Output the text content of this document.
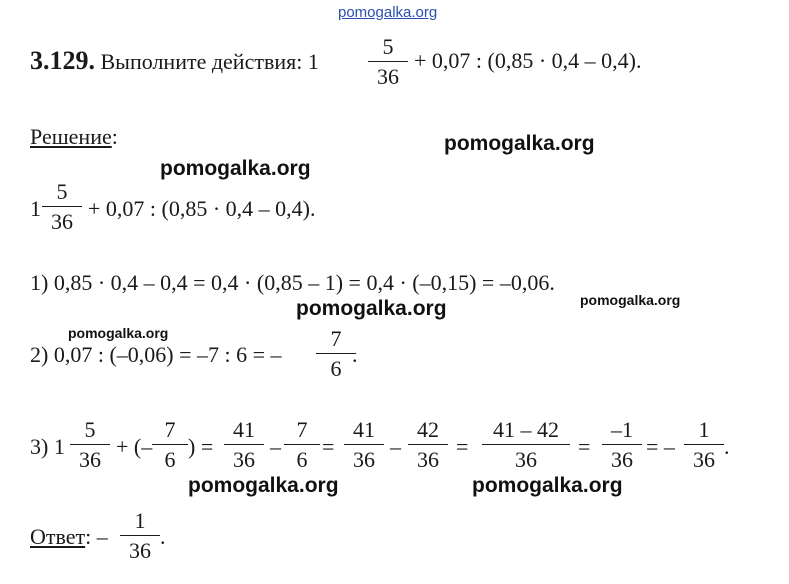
pomogalka.org
3.129. Выполните действия: 1
5
36
+ 0,07 : (0,85 · 0,4 – 0,4).
Решение:	pomogalka.org
pomogalka.org
1
5
36
+ 0,07 : (0,85 · 0,4 – 0,4).
1) 0,85 · 0,4 – 0,4 = 0,4 · (0,85 – 1) = 0,4 · (–0,15) = –0,06.
pomogalka.org	pomogalka.org
pomogalka.org
2) 0,07 : (–0,06) = –7 : 6 = –
7
6
.
3) 1
5
36
+ (–
7
6
) =
41
36
–
7
6
=
41
36
–
42
36
=
41 – 42
36
=
–1
36
= –
1
36
.
pomogalka.org	pomogalka.org
Ответ: –
1
36
.
